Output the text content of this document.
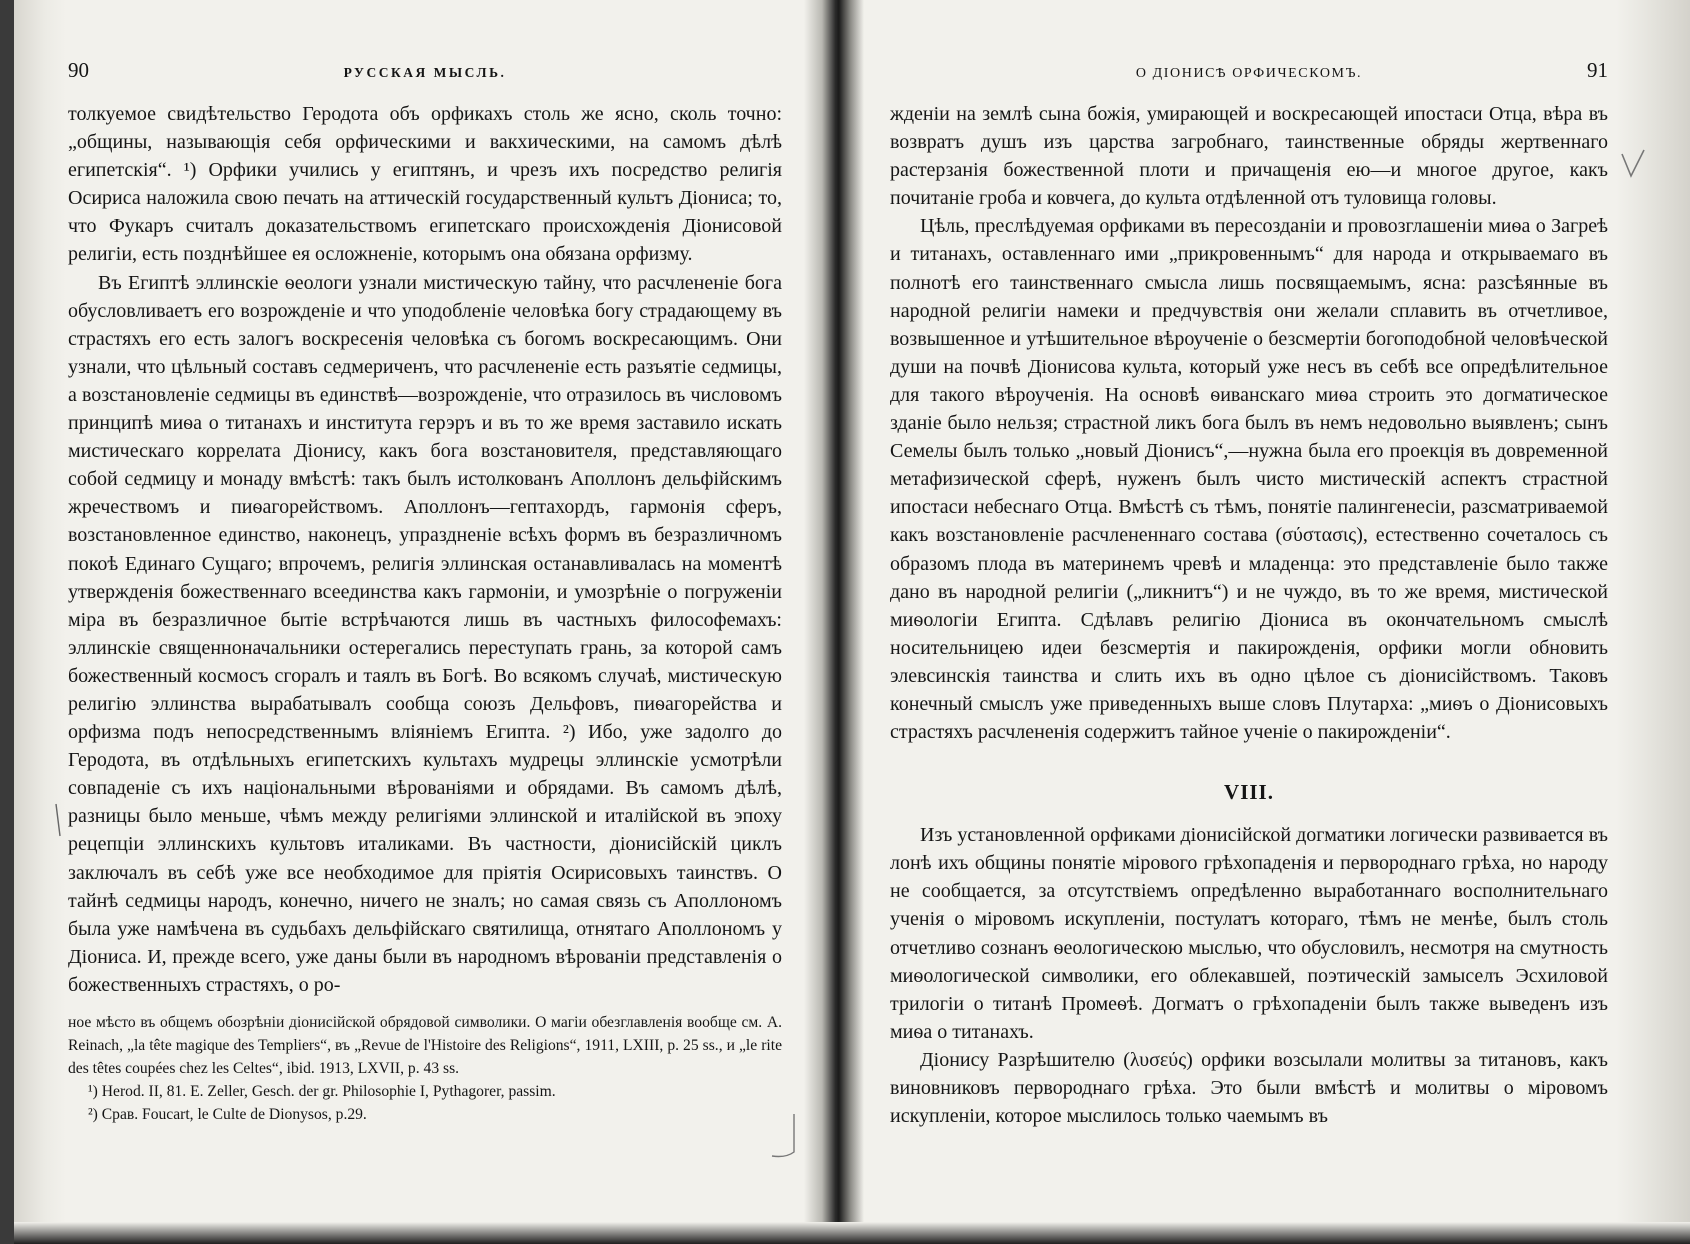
90	РУССКАЯ МЫСЛЬ.

толкуемое свидѣтельство Геродота объ орфикахъ столь же ясно, сколь точно: „общины, называющія себя орфическими и вакхическими, на самомъ дѣлѣ египетскія“. ¹) Орфики учились у египтянъ, и чрезъ ихъ посредство религія Осириса наложила свою печать на аттическій государственный культъ Діониса; то, что Фукаръ считалъ доказательствомъ египетскаго происхожденія Діонисовой религіи, есть позднѣйшее ея осложненіе, которымъ она обязана орфизму.

Въ Египтѣ эллинскіе ѳеологи узнали мистическую тайну, что расчлененіе бога обусловливаетъ его возрожденіе и что уподобленіе человѣка богу страдающему въ страстяхъ его есть залогъ воскресенія человѣка съ богомъ воскресающимъ. Они узнали, что цѣльный составъ седмериченъ, что расчлененіе есть разъятіе седмицы, а возстановленіе седмицы въ единствѣ—возрожденіе, что отразилось въ числовомъ принципѣ миѳа о титанахъ и института герэръ и въ то же время заставило искать мистическаго коррелата Діонису, какъ бога возстановителя, представляющаго собой седмицу и монаду вмѣстѣ: такъ былъ истолкованъ Аполлонъ дельфійскимъ жречествомъ и пиѳагорействомъ. Аполлонъ—гептахордъ, гармонія сферъ, возстановленное единство, наконецъ, упраздненіе всѣхъ формъ въ безразличномъ покоѣ Единаго Сущаго; впрочемъ, религія эллинская останавливалась на моментѣ утвержденія божественнаго всеединства какъ гармоніи, и умозрѣніе о погруженіи міра въ безразличное бытіе встрѣчаются лишь въ частныхъ философемахъ: эллинскіе священноначальники остерегались переступать грань, за которой самъ божественный космосъ сгоралъ и таялъ въ Богѣ. Во всякомъ случаѣ, мистическую религію эллинства вырабатывалъ сообща союзъ Дельфовъ, пиѳагорейства и орфизма подъ непосредственнымъ вліяніемъ Египта. ²) Ибо, уже задолго до Геродота, въ отдѣльныхъ египетскихъ культахъ мудрецы эллинскіе усмотрѣли совпаденіе съ ихъ національными вѣрованіями и обрядами. Въ самомъ дѣлѣ, разницы было меньше, чѣмъ между религіями эллинской и италійской въ эпоху рецепціи эллинскихъ культовъ италиками. Въ частности, діонисійскій циклъ заключалъ въ себѣ уже все необходимое для пріятія Осирисовыхъ таинствъ. О тайнѣ седмицы народъ, конечно, ничего не зналъ; но самая связь съ Аполлономъ была уже намѣчена въ судьбахъ дельфійскаго святилища, отнятаго Аполлономъ у Діониса. И, прежде всего, уже даны были въ народномъ вѣрованіи представленія о божественныхъ страстяхъ, о ро-

ное мѣсто въ общемъ обозрѣніи діонисійской обрядовой символики. О магіи обезглавленія вообще см. A. Reinach, „la tête magique des Templiers“, въ „Revue de l'Histoire des Religions“, 1911, LXIII, p. 25 ss., и „le rite des têtes coupées chez les Celtes“, ibid. 1913, LXVII, p. 43 ss.

¹) Herod. II, 81. E. Zeller, Gesch. der gr. Philosophie I, Pythagorer, passim.

²) Срав. Foucart, le Culte de Dionysos, p.29.

О ДІОНИСѢ ОРФИЧЕСКОМЪ.	91

жденіи на землѣ сына божія, умирающей и воскресающей ипостаси Отца, вѣра въ возвратъ душъ изъ царства загробнаго, таинственные обряды жертвеннаго растерзанія божественной плоти и причащенія ею—и многое другое, какъ почитаніе гроба и ковчега, до культа отдѣленной отъ туловища головы.

Цѣль, преслѣдуемая орфиками въ пересозданіи и провозглашеніи миѳа о Загреѣ и титанахъ, оставленнаго ими „прикровеннымъ“ для народа и открываемаго въ полнотѣ его таинственнаго смысла лишь посвящаемымъ, ясна: разсѣянные въ народной религіи намеки и предчувствія они желали сплавить въ отчетливое, возвышенное и утѣшительное вѣроученіе о безсмертіи богоподобной человѣческой души на почвѣ Діонисова культа, который уже несъ въ себѣ все опредѣлительное для такого вѣроученія. На основѣ ѳиванскаго миѳа строить это догматическое зданіе было нельзя; страстной ликъ бога былъ въ немъ недовольно выявленъ; сынъ Семелы былъ только „новый Діонисъ“,—нужна была его проекція въ довременной метафизической сферѣ, нуженъ былъ чисто мистическій аспектъ страстной ипостаси небеснаго Отца. Вмѣстѣ съ тѣмъ, понятіе палингенесіи, разсматриваемой какъ возстановленіе расчлененнаго состава (σύστασις), естественно сочеталось съ образомъ плода въ материнемъ чревѣ и младенца: это представленіе было также дано въ народной религіи („ликнитъ“) и не чуждо, въ то же время, мистической миѳологіи Египта. Сдѣлавъ религію Діониса въ окончательномъ смыслѣ носительницею идеи безсмертія и пакирожденія, орфики могли обновить элевсинскія таинства и слить ихъ въ одно цѣлое съ діонисійствомъ. Таковъ конечный смыслъ уже приведенныхъ выше словъ Плутарха: „миѳъ о Діонисовыхъ страстяхъ расчлененія содержитъ тайное ученіе о пакирожденіи“.

VIII.

Изъ установленной орфиками діонисійской догматики логически развивается въ лонѣ ихъ общины понятіе мірового грѣхопаденія и первороднаго грѣха, но народу не сообщается, за отсутствіемъ опредѣленно выработаннаго восполнительнаго ученія о міровомъ искупленіи, постулатъ котораго, тѣмъ не менѣе, былъ столь отчетливо сознанъ ѳеологическою мыслью, что обусловилъ, несмотря на смутность миѳологической символики, его облекавшей, поэтическій замыселъ Эсхиловой трилогіи о титанѣ Промеѳѣ. Догматъ о грѣхопаденіи былъ также выведенъ изъ миѳа о титанахъ.

Діонису Разрѣшителю (λυσεύς) орфики возсылали молитвы за титановъ, какъ виновниковъ первороднаго грѣха. Это были вмѣстѣ и молитвы о міровомъ искупленіи, которое мыслилось только чаемымъ въ
